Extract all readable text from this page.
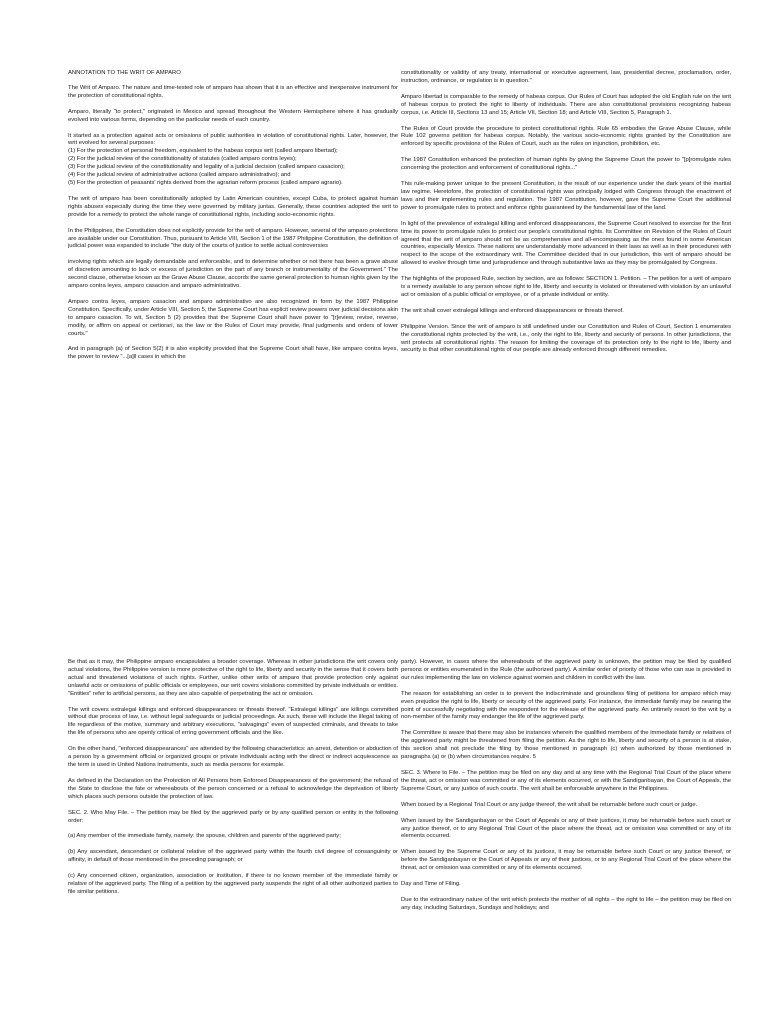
ANNOTATION TO THE WRIT OF AMPARO

The Writ of Amparo. The nature and time-tested role of amparo has shown that it is an effective and inexpensive instrument for the protection of constitutional rights.

Amparo, literally "to protect," originated in Mexico and spread throughout the Western Hemisphere where it has gradually evolved into various forms, depending on the particular needs of each country.

It started as a protection against acts or omissions of public authorities in violation of constitutional rights. Later, however, the writ evolved for several purposes:
(1) For the protection of personal freedom, equivalent to the habeas corpus writ (called amparo libertad);
(2) For the judicial review of the constitutionality of statutes (called amparo contra leyes);
(3) For the judicial review of the constitutionality and legality of a judicial decision (called amparo casacion);
(4) For the judicial review of administrative actions (called amparo administrativo); and
(5) For the protection of peasants' rights derived from the agrarian reform process (called amparo agrario).

The writ of amparo has been constitutionally adopted by Latin American countries, except Cuba, to protect against human rights abuses especially during the time they were governed by military juntas. Generally, these countries adopted the writ to provide for a remedy to protect the whole range of constitutional rights, including socio-economic rights.

In the Philippines, the Constitution does not explicitly provide for the writ of amparo. However, several of the amparo protections are available under our Constitution. Thus, pursuant to Article VIII, Section 1 of the 1987 Philippine Constitution, the definition of judicial power was expanded to include "the duty of the courts of justice to settle actual controversies

involving rights which are legally demandable and enforceable, and to determine whether or not there has been a grave abuse of discretion amounting to lack or excess of jurisdiction on the part of any branch or instrumentality of the Government." The second clause, otherwise known as the Grave Abuse Clause, accords the same general protection to human rights given by the amparo contra leyes, amparo casacion and amparo administrativo.

Amparo contra leyes, amparo casacion and amparo administrativo are also recognized in form by the 1987 Philippine Constitution. Specifically, under Article VIII, Section 5, the Supreme Court has explicit review powers over judicial decisions akin to amparo casacion. To wit, Section 5 (2) provides that the Supreme Court shall have power to "[r]eview, revise, reverse, modify, or affirm on appeal or certiorari, as the law or the Rules of Court may provide, final judgments and orders of lower courts."

And in paragraph (a) of Section 5(2) it is also explicitly provided that the Supreme Court shall have, like amparo contra leyes, the power to review "...[a]ll cases in which the

constitutionality or validity of any treaty, international or executive agreement, law, presidential decree, proclamation, order, instruction, ordinance, or regulation is in question."

Amparo libertad is comparable to the remedy of habeas corpus. Our Rules of Court has adopted the old English rule on the writ of habeas corpus to protect the right to liberty of individuals. There are also constitutional provisions recognizing habeas corpus, i.e. Article III, Sections 13 and 15; Article VII, Section 18; and Article VIII, Section 5, Paragraph 1.

The Rules of Court provide the procedure to protect constitutional rights. Rule 65 embodies the Grave Abuse Clause, while Rule 102 governs petition for habeas corpus. Notably, the various socio-economic rights granted by the Constitution are enforced by specific provisions of the Rules of Court, such as the rules on injunction, prohibition, etc.

The 1987 Constitution enhanced the protection of human rights by giving the Supreme Court the power to "[p]romulgate rules concerning the protection and enforcement of constitutional rights..."

This rule-making power unique to the present Constitution, is the result of our experience under the dark years of the martial law regime. Heretofore, the protection of constitutional rights was principally lodged with Congress through the enactment of laws and their implementing rules and regulation. The 1987 Constitution, however, gave the Supreme Court the additional power to promulgate rules to protect and enforce rights guaranteed by the fundamental law of the land.

In light of the prevalence of extralegal killing and enforced disappearances, the Supreme Court resolved to exercise for the first time its power to promulgate rules to protect our people's constitutional rights. Its Committee on Revision of the Rules of Court agreed that the writ of amparo should not be as comprehensive and all-encompassing as the ones found in some American countries, especially Mexico. These nations are understandably more advanced in their laws as well as in their procedures with respect to the scope of the extraordinary writ. The Committee decided that in our jurisdiction, this writ of amparo should be allowed to evolve through time and jurisprudence and through substantive laws as they may be promulgated by Congress.

The highlights of the proposed Rule, section by section, are as follows: SECTION 1. Petition. – The petition for a writ of amparo is a remedy available to any person whose right to life, liberty and security is violated or threatened with violation by an unlawful act or omission of a public official or employee, or of a private individual or entity.

The writ shall cover extralegal killings and enforced disappearances or threats thereof.

Philippine Version. Since the writ of amparo is still undefined under our Constitution and Rules of Court, Section 1 enumerates the constitutional rights protected by the writ, i.e., only the right to life, liberty and security of persons. In other jurisdictions, the writ protects all constitutional rights. The reason for limiting the coverage of its protection only to the right to life, liberty and security is that other constitutional rights of our people are already enforced through different remedies.

Be that as it may, the Philippine amparo encapsulates a broader coverage. Whereas in other jurisdictions the writ covers only actual violations, the Philippine version is more protective of the right to life, liberty and security in the sense that it covers both actual and threatened violations of such rights. Further, unlike other writs of amparo that provide protection only against unlawful acts or omissions of public officials or employees, our writ covers violations committed by private individuals or entities. "Entities" refer to artificial persons, as they are also capable of perpetrating the act or omission.

The writ covers extralegal killings and enforced disappearances or threats thereof. "Extralegal killings" are killings committed without due process of law, i.e. without legal safeguards or judicial proceedings. As such, these will include the illegal taking of life regardless of the motive, summary and arbitrary executions, "salvagings" even of suspected criminals, and threats to take the life of persons who are openly critical of erring government officials and the like.

On the other hand, "enforced disappearances" are attended by the following characteristics: an arrest, detention or abduction of a person by a government official or organized groups or private individuals acting with the direct or indirect acquiescence as the term is used in United Nations instruments, such as media persons for example.

As defined in the Declaration on the Protection of All Persons from Enforced Disappearances of the government; the refusal of the State to disclose the fate or whereabouts of the person concerned or a refusal to acknowledge the deprivation of liberty which places such persons outside the protection of law.

SEC. 2. Who May File. – The petition may be filed by the aggrieved party or by any qualified person or entity in the following order:

(a) Any member of the immediate family, namely: the spouse, children and parents of the aggrieved party;

(b) Any ascendant, descendant or collateral relative of the aggrieved party within the fourth civil degree of consanguinity or affinity, in default of those mentioned in the preceding paragraph; or

(c) Any concerned citizen, organization, association or institution, if there is no known member of the immediate family or relative of the aggrieved party. The filing of a petition by the aggrieved party suspends the right of all other authorized parties to file similar petitions.

party). However, in cases where the whereabouts of the aggrieved party is unknown, the petition may be filed by qualified persons or entities enumerated in the Rule (the authorized party). A similar order of priority of those who can sue is provided in our rules implementing the law on violence against women and children in conflict with the law.

The reason for establishing an order is to prevent the indiscriminate and groundless filing of petitions for amparo which may even prejudice the right to life, liberty or security of the aggrieved party. For instance, the immediate family may be nearing the point of successfully negotiating with the respondent for the release of the aggrieved party. An untimely resort to the writ by a non-member of the family may endanger the life of the aggrieved party.

The Committee is aware that there may also be instances wherein the qualified members of the immediate family or relatives of the aggrieved party might be threatened from filing the petition. As the right to life, liberty and security of a person is at stake, this section shall not preclude the filing by those mentioned in paragraph (c) when authorized by those mentioned in paragraphs (a) or (b) when circumstances require. 5

SEC. 3. Where to File. – The petition may be filed on any day and at any time with the Regional Trial Court of the place where the threat, act or omission was committed or any of its elements occurred, or with the Sandiganbayan, the Court of Appeals, the Supreme Court, or any justice of such courts. The writ shall be enforceable anywhere in the Philippines.

When issued by a Regional Trial Court or any judge thereof, the writ shall be returnable before such court or judge.

When issued by the Sandiganbayan or the Court of Appeals or any of their justices, it may be returnable before such court or any justice thereof, or to any Regional Trial Court of the place where the threat, act or omission was committed or any of its elements occurred.

When issued by the Supreme Court or any of its justices, it may be returnable before such Court or any justice thereof, or before the Sandiganbayan or the Court of Appeals or any of their justices, or to any Regional Trial Court of the place where the threat, act or omission was committed or any of its elements occurred.

Day and Time of Filing.

Due to the extraordinary nature of the writ which protects the mother of all rights – the right to life – the petition may be filed on any day, including Saturdays, Sundays and holidays; and
